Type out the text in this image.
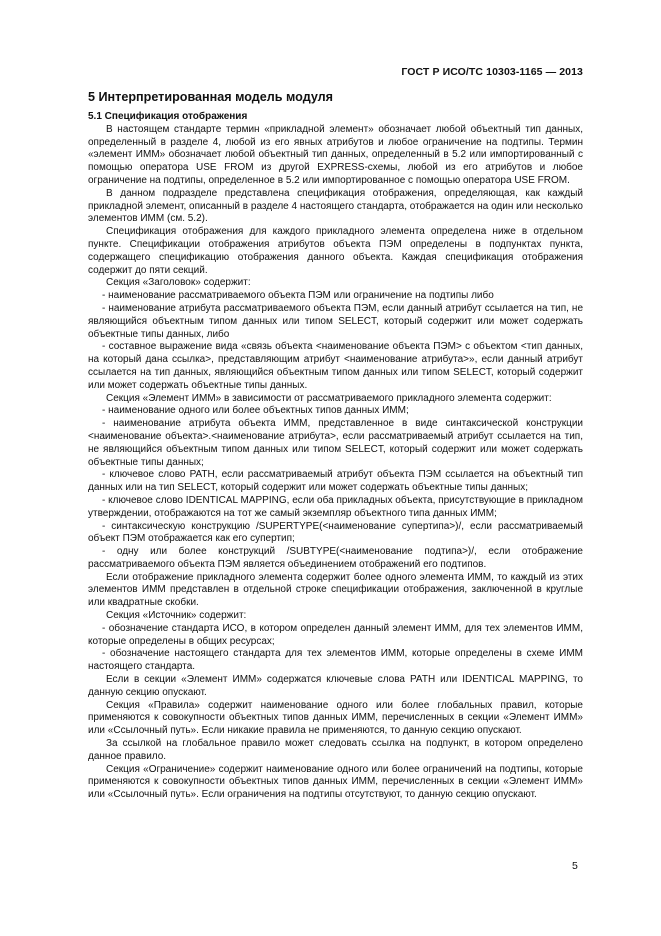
ГОСТ Р ИСО/ТС 10303-1165 — 2013
5 Интерпретированная модель модуля
5.1 Спецификация отображения

В настоящем стандарте термин «прикладной элемент» обозначает любой объектный тип данных, определенный в разделе 4, любой из его явных атрибутов и любое ограничение на подтипы. Термин «элемент ИММ» обозначает любой объектный тип данных, определенный в 5.2 или импортированный с помощью оператора USE FROM из другой EXPRESS-схемы, любой из его атрибутов и любое ограничение на подтипы, определенное в 5.2 или импортированное с помощью оператора USE FROM.

В данном подразделе представлена спецификация отображения, определяющая, как каждый прикладной элемент, описанный в разделе 4 настоящего стандарта, отображается на один или несколько элементов ИММ (см. 5.2).

Спецификация отображения для каждого прикладного элемента определена ниже в отдельном пункте. Спецификации отображения атрибутов объекта ПЭМ определены в подпунктах пункта, содержащего спецификацию отображения данного объекта. Каждая спецификация отображения содержит до пяти секций.

Секция «Заголовок» содержит:

- наименование рассматриваемого объекта ПЭМ или ограничение на подтипы либо

- наименование атрибута рассматриваемого объекта ПЭМ, если данный атрибут ссылается на тип, не являющийся объектным типом данных или типом SELECT, который содержит или может содержать объектные типы данных, либо

- составное выражение вида «связь объекта <наименование объекта ПЭМ> с объектом <тип данных, на который дана ссылка>, представляющим атрибут <наименование атрибута>», если данный атрибут ссылается на тип данных, являющийся объектным типом данных или типом SELECT, который содержит или может содержать объектные типы данных.

Секция «Элемент ИММ» в зависимости от рассматриваемого прикладного элемента содержит:

- наименование одного или более объектных типов данных ИММ;

- наименование атрибута объекта ИММ, представленное в виде синтаксической конструкции <наименование объекта>.<наименование атрибута>, если рассматриваемый атрибут ссылается на тип, не являющийся объектным типом данных или типом SELECT, который содержит или может содержать объектные типы данных;

- ключевое слово PATH, если рассматриваемый атрибут объекта ПЭМ ссылается на объектный тип данных или на тип SELECT, который содержит или может содержать объектные типы данных;

- ключевое слово IDENTICAL MAPPING, если оба прикладных объекта, присутствующие в прикладном утверждении, отображаются на тот же самый экземпляр объектного типа данных ИММ;

- синтаксическую конструкцию /SUPERTYPE(<наименование супертипа>)/, если рассматриваемый объект ПЭМ отображается как его супертип;

- одну или более конструкций /SUBTYPE(<наименование подтипа>)/, если отображение рассматриваемого объекта ПЭМ является объединением отображений его подтипов.

Если отображение прикладного элемента содержит более одного элемента ИММ, то каждый из этих элементов ИММ представлен в отдельной строке спецификации отображения, заключенной в круглые или квадратные скобки.

Секция «Источник» содержит:

- обозначение стандарта ИСО, в котором определен данный элемент ИММ, для тех элементов ИММ, которые определены в общих ресурсах;

- обозначение настоящего стандарта для тех элементов ИММ, которые определены в схеме ИММ настоящего стандарта.

Если в секции «Элемент ИММ» содержатся ключевые слова PATH или IDENTICAL MAPPING, то данную секцию опускают.

Секция «Правила» содержит наименование одного или более глобальных правил, которые применяются к совокупности объектных типов данных ИММ, перечисленных в секции «Элемент ИММ» или «Ссылочный путь». Если никакие правила не применяются, то данную секцию опускают.

За ссылкой на глобальное правило может следовать ссылка на подпункт, в котором определено данное правило.

Секция «Ограничение» содержит наименование одного или более ограничений на подтипы, которые применяются к совокупности объектных типов данных ИММ, перечисленных в секции «Элемент ИММ» или «Ссылочный путь». Если ограничения на подтипы отсутствуют, то данную секцию опускают.

5
